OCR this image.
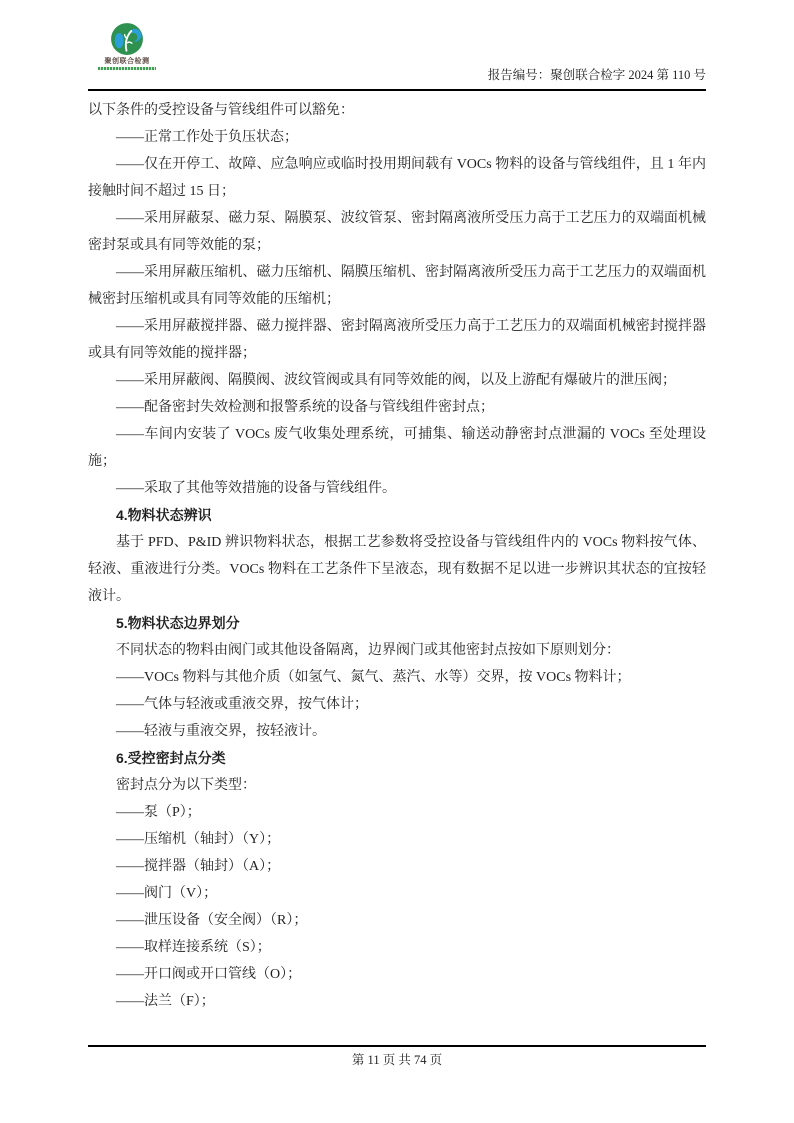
聚创联合检测
报告编号：聚创联合检字 2024 第 110 号

以下条件的受控设备与管线组件可以豁免：

——正常工作处于负压状态；

——仅在开停工、故障、应急响应或临时投用期间载有 VOCs 物料的设备与管线组件，且 1 年内接触时间不超过 15 日；

——采用屏蔽泵、磁力泵、隔膜泵、波纹管泵、密封隔离液所受压力高于工艺压力的双端面机械密封泵或具有同等效能的泵；

——采用屏蔽压缩机、磁力压缩机、隔膜压缩机、密封隔离液所受压力高于工艺压力的双端面机械密封压缩机或具有同等效能的压缩机；

——采用屏蔽搅拌器、磁力搅拌器、密封隔离液所受压力高于工艺压力的双端面机械密封搅拌器或具有同等效能的搅拌器；

——采用屏蔽阀、隔膜阀、波纹管阀或具有同等效能的阀，以及上游配有爆破片的泄压阀；

——配备密封失效检测和报警系统的设备与管线组件密封点；

——车间内安装了 VOCs 废气收集处理系统，可捕集、输送动静密封点泄漏的 VOCs 至处理设施；

——采取了其他等效措施的设备与管线组件。

4.物料状态辨识

基于 PFD、P&ID 辨识物料状态，根据工艺参数将受控设备与管线组件内的 VOCs 物料按气体、轻液、重液进行分类。VOCs 物料在工艺条件下呈液态，现有数据不足以进一步辨识其状态的宜按轻液计。

5.物料状态边界划分

不同状态的物料由阀门或其他设备隔离，边界阀门或其他密封点按如下原则划分：

——VOCs 物料与其他介质（如氢气、氮气、蒸汽、水等）交界，按 VOCs 物料计；

——气体与轻液或重液交界，按气体计；

——轻液与重液交界，按轻液计。

6.受控密封点分类

密封点分为以下类型：

——泵（P）；

——压缩机（轴封）（Y）；

——搅拌器（轴封）（A）；

——阀门（V）；

——泄压设备（安全阀）（R）；

——取样连接系统（S）；

——开口阀或开口管线（O）；

——法兰（F）；

第 11 页 共 74 页
